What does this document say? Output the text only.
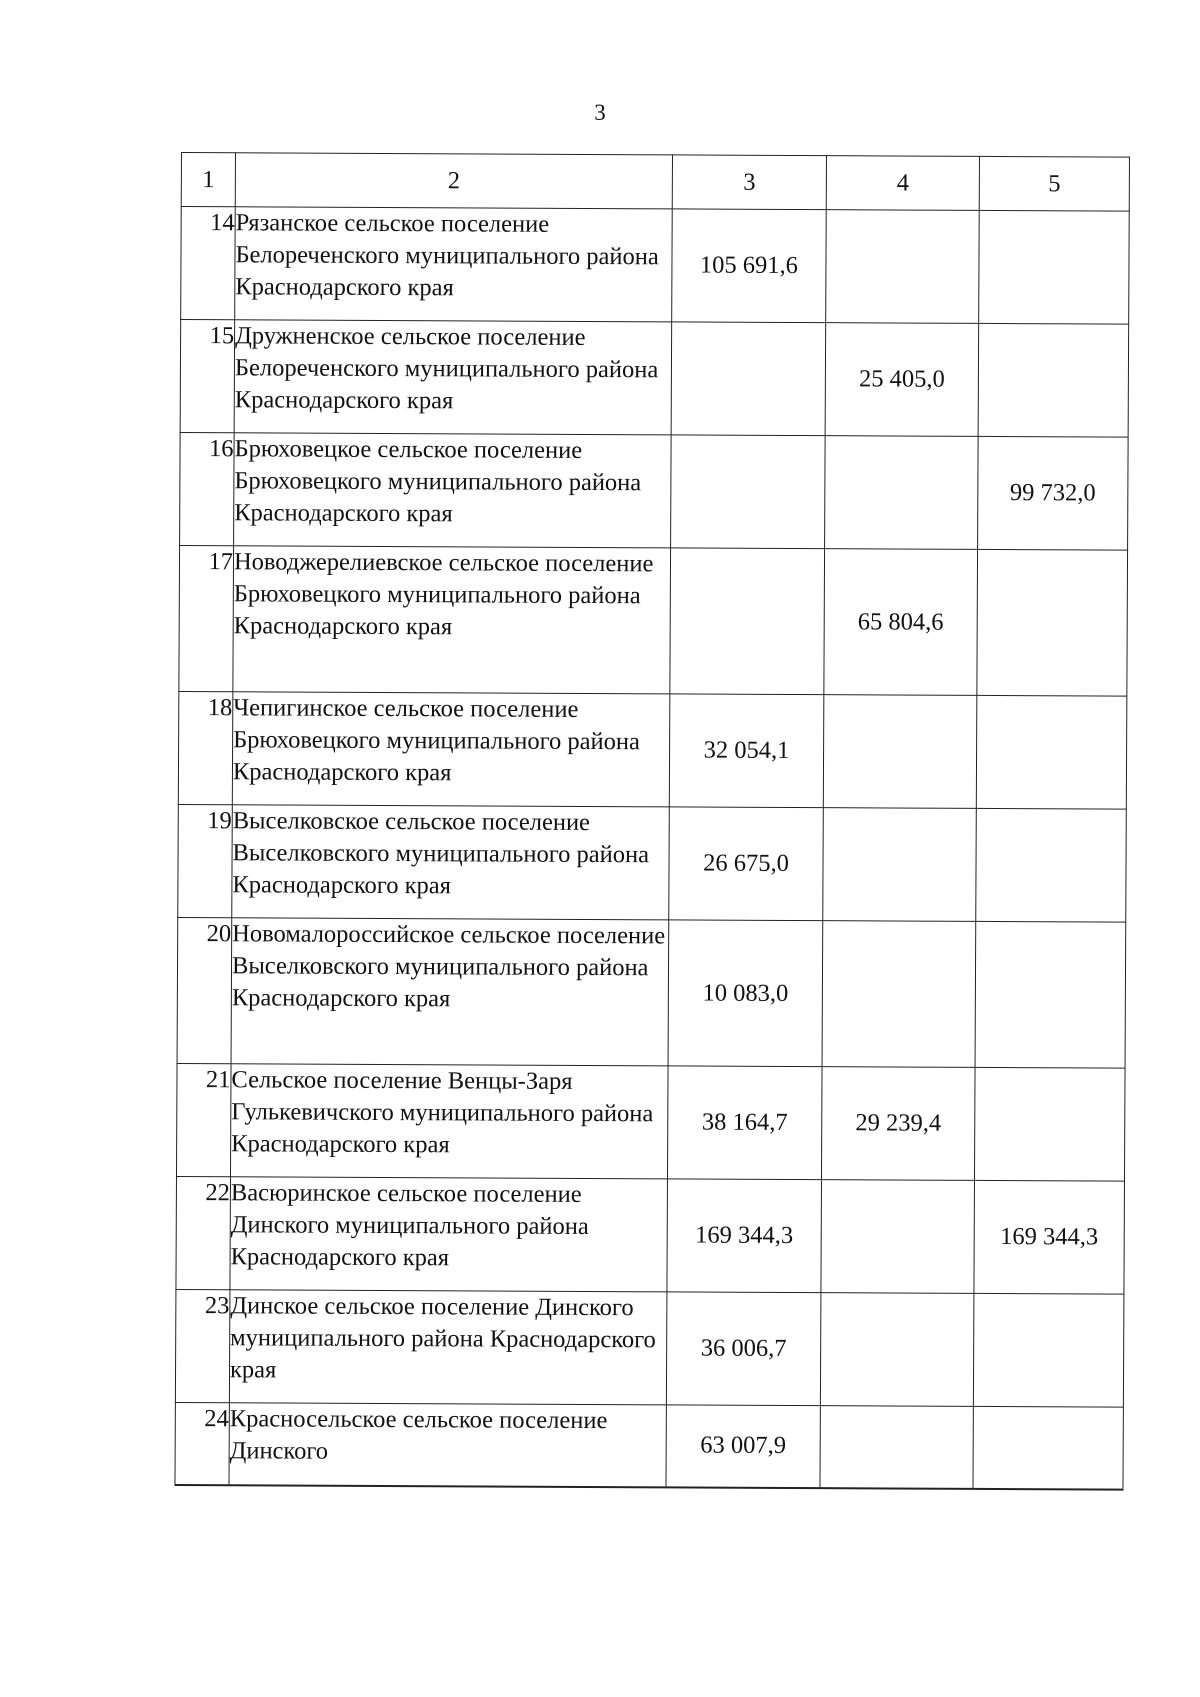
3
1	2	3	4	5
14	Рязанское сельское поселение Белореченского муниципального района Краснодарского края	105 691,6		
15	Дружненское сельское поселение Белореченского муниципального района Краснодарского края		25 405,0	
16	Брюховецкое сельское поселение Брюховецкого муниципального района Краснодарского края			99 732,0
17	Новоджерелиевское сельское поселение Брюховецкого муниципального района Краснодарского края		65 804,6	
18	Чепигинское сельское поселение Брюховецкого муниципального района Краснодарского края	32 054,1		
19	Выселковское сельское поселение Выселковского муниципального района Краснодарского края	26 675,0		
20	Новомалороссийское сельское поселение Выселковского муниципального района Краснодарского края	10 083,0		
21	Сельское поселение Венцы-Заря Гулькевичского муниципального района Краснодарского края	38 164,7	29 239,4	
22	Васюринское сельское поселение Динского муниципального района Краснодарского края	169 344,3		169 344,3
23	Динское сельское поселение Динского муниципального района Краснодарского края	36 006,7		
24	Красносельское сельское поселение Динского	63 007,9		
